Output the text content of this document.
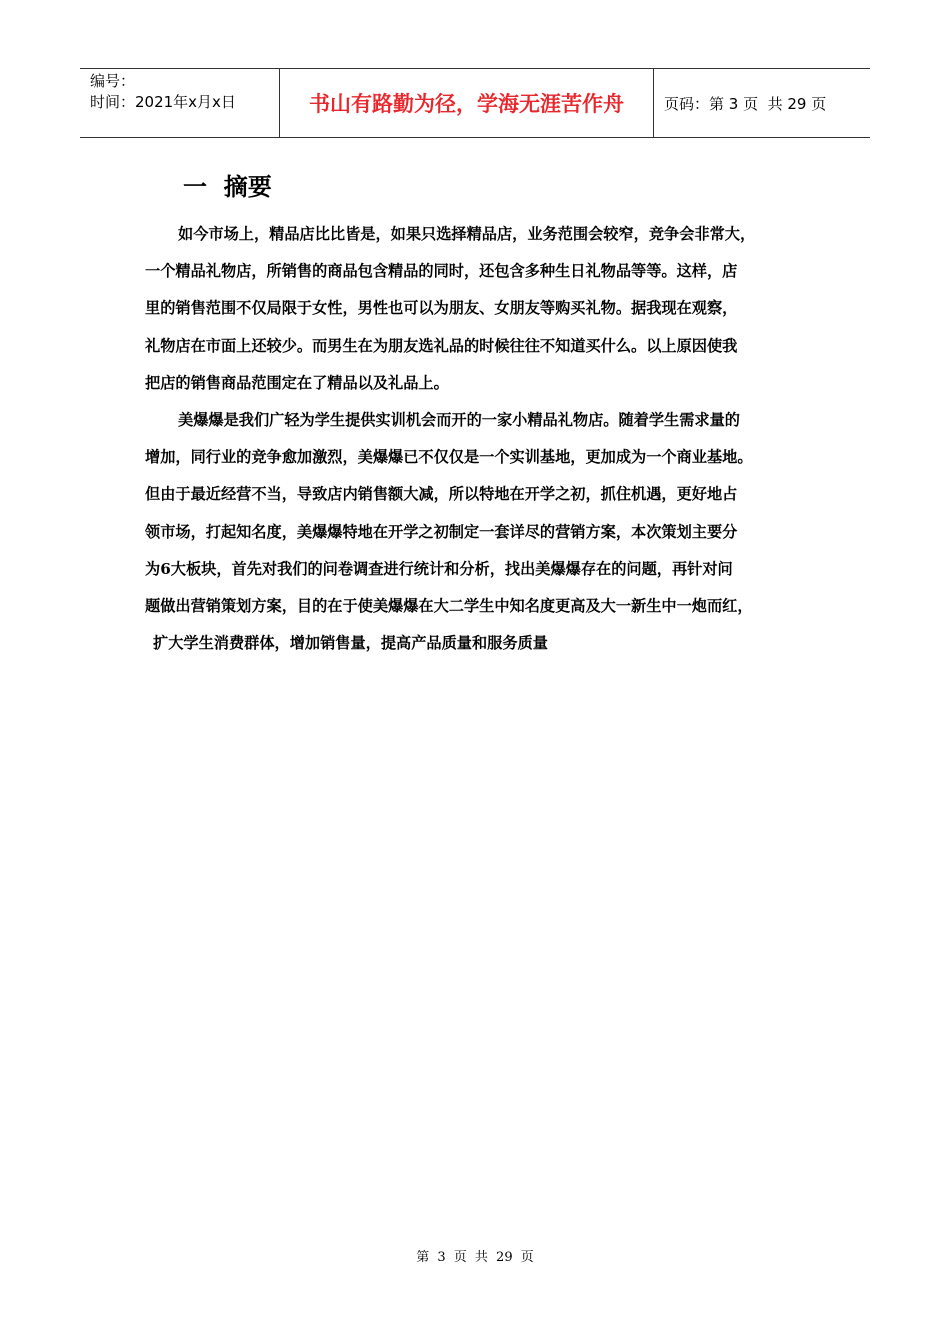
编号：
时间：2021年x月x日	书山有路勤为径，学海无涯苦作舟	页码：第 3 页  共 29 页
一  摘要
如今市场上，精品店比比皆是，如果只选择精品店，业务范围会较窄，竞争会非常大，
一个精品礼物店，所销售的商品包含精品的同时，还包含多种生日礼物品等等。这样，店
里的销售范围不仅局限于女性，男性也可以为朋友、女朋友等购买礼物。据我现在观察，
礼物店在市面上还较少。而男生在为朋友选礼品的时候往往不知道买什么。以上原因使我
把店的销售商品范围定在了精品以及礼品上。
美爆爆是我们广轻为学生提供实训机会而开的一家小精品礼物店。随着学生需求量的
增加，同行业的竞争愈加激烈，美爆爆已不仅仅是一个实训基地，更加成为一个商业基地。
但由于最近经营不当，导致店内销售额大减，所以特地在开学之初，抓住机遇，更好地占
领市场，打起知名度，美爆爆特地在开学之初制定一套详尽的营销方案，本次策划主要分
为6大板块，首先对我们的问卷调查进行统计和分析，找出美爆爆存在的问题，再针对问
题做出营销策划方案，目的在于使美爆爆在大二学生中知名度更高及大一新生中一炮而红，
扩大学生消费群体，增加销售量，提高产品质量和服务质量
第 3 页 共 29 页
